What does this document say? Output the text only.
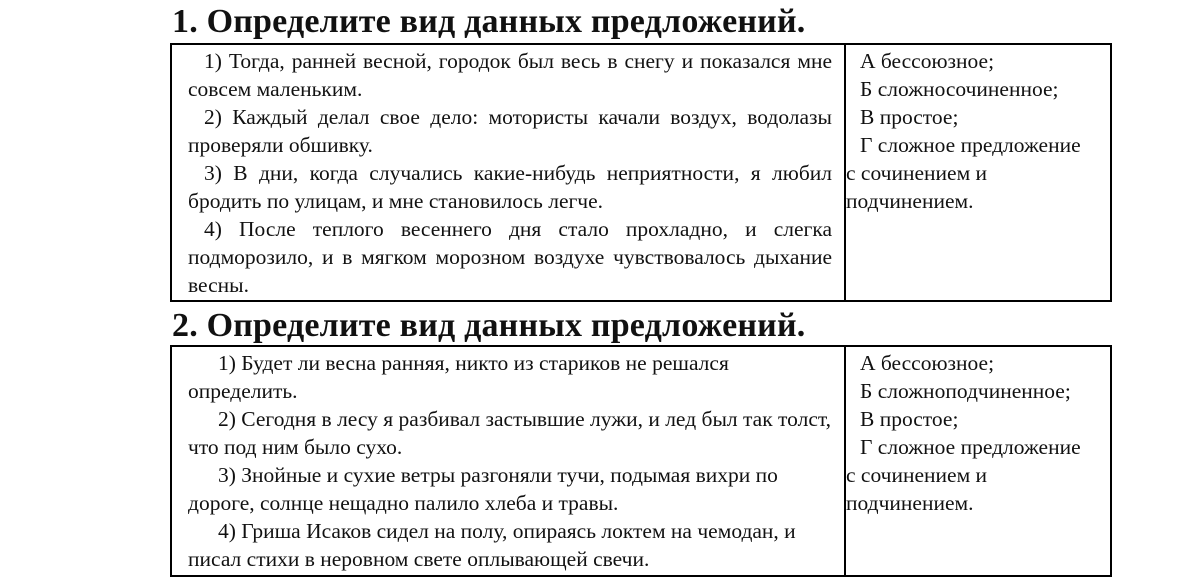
1. Определите вид данных предложений.

1) Тогда, ранней весной, городок был весь в снегу и показался мне совсем маленьким.

2) Каждый делал свое дело: мотористы качали воздух, водолазы проверяли обшивку.

3) В дни, когда случались какие-нибудь неприятности, я любил бродить по улицам, и мне становилось легче.

4) После теплого весеннего дня стало прохладно, и слегка подморозило, и в мягком морозном воздухе чувствовалось дыхание весны.

А бессоюзное;

Б сложносочиненное;

В простое;

Г сложное предложение

с сочинением и

подчинением.

2. Определите вид данных предложений.

1) Будет ли весна ранняя, никто из стариков не решался определить.

2) Сегодня в лесу я разбивал застывшие лужи, и лед был так толст, что под ним было сухо.

3) Знойные и сухие ветры разгоняли тучи, подымая вихри по дороге, солнце нещадно палило хлеба и травы.

4) Гриша Исаков сидел на полу, опираясь локтем на чемодан, и писал стихи в неровном свете оплывающей свечи.

А бессоюзное;

Б сложноподчиненное;

В простое;

Г сложное предложение

с сочинением и

подчинением.
